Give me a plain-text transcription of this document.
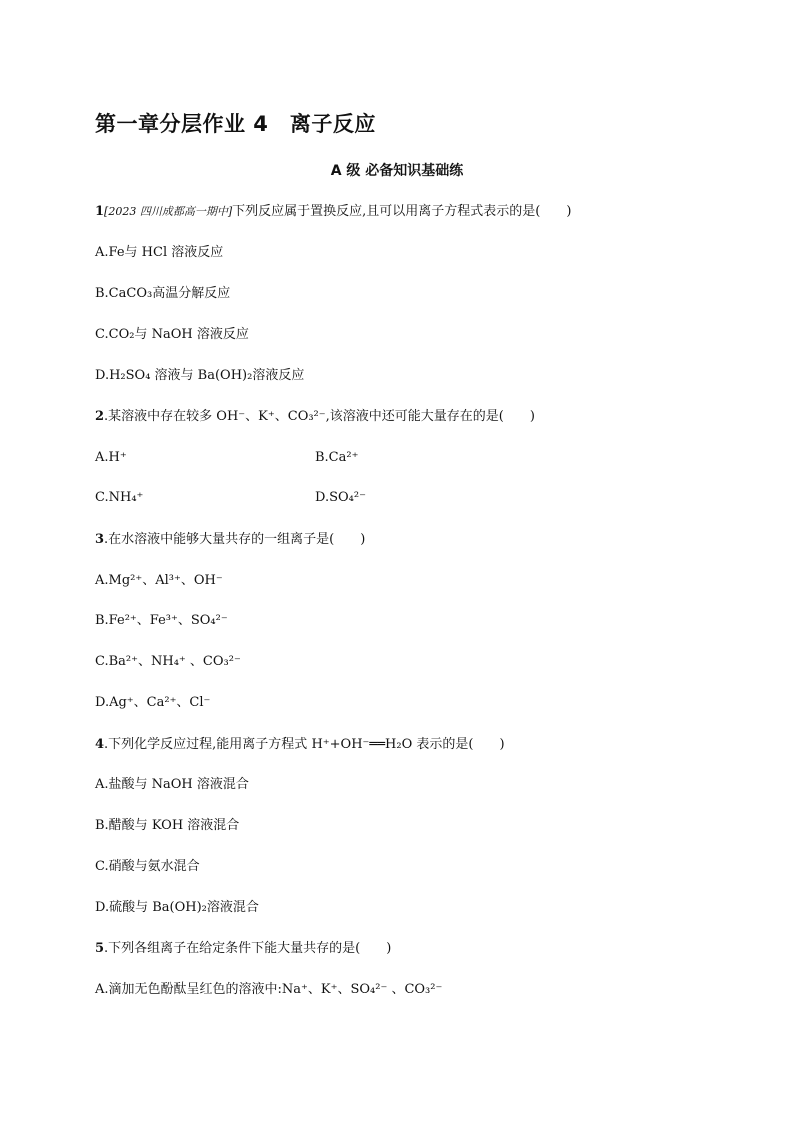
第一章分层作业 4　离子反应
A 级 必备知识基础练
1[2023 四川成都高一期中]下列反应属于置换反应,且可以用离子方程式表示的是(　　)
A.Fe与 HCl 溶液反应
B.CaCO₃高温分解反应
C.CO₂与 NaOH 溶液反应
D.H₂SO₄ 溶液与 Ba(OH)₂溶液反应
2.某溶液中存在较多 OH⁻、K⁺、CO₃²⁻,该溶液中还可能大量存在的是(　　)
A.H⁺	B.Ca²⁺
C.NH₄⁺	D.SO₄²⁻
3.在水溶液中能够大量共存的一组离子是(　　)
A.Mg²⁺、Al³⁺、OH⁻
B.Fe²⁺、Fe³⁺、SO₄²⁻
C.Ba²⁺、NH₄⁺ 、CO₃²⁻
D.Ag⁺、Ca²⁺、Cl⁻
4.下列化学反应过程,能用离子方程式 H⁺+OH⁻══H₂O 表示的是(　　)
A.盐酸与 NaOH 溶液混合
B.醋酸与 KOH 溶液混合
C.硝酸与氨水混合
D.硫酸与 Ba(OH)₂溶液混合
5.下列各组离子在给定条件下能大量共存的是(　　)
A.滴加无色酚酞呈红色的溶液中:Na⁺、K⁺、SO₄²⁻ 、CO₃²⁻
